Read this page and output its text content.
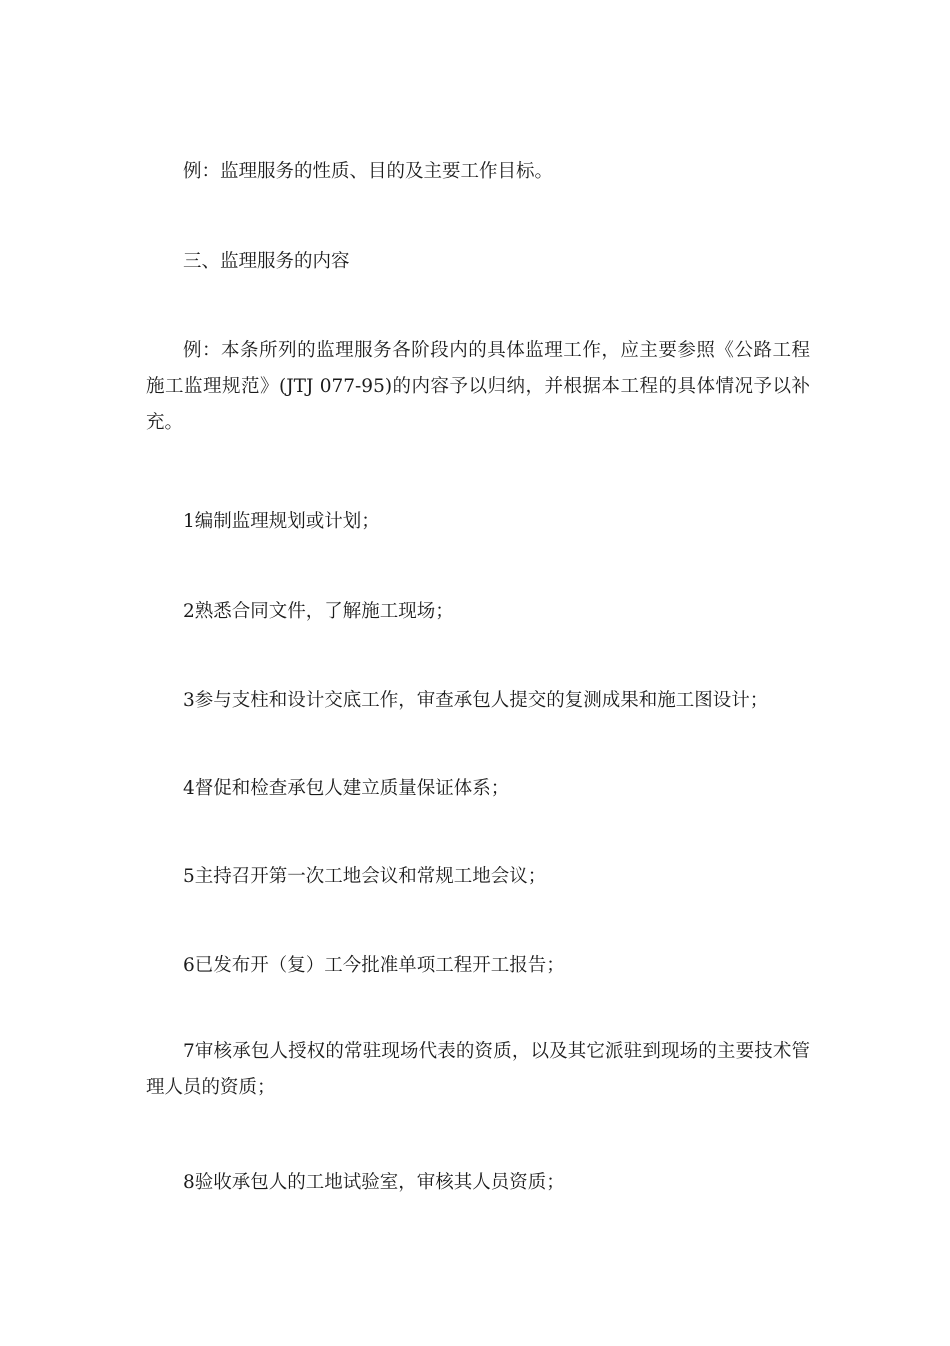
例：监理服务的性质、目的及主要工作目标。

三、监理服务的内容

例：本条所列的监理服务各阶段内的具体监理工作，应主要参照《公路工程施工监理规范》(JTJ 077-95)的内容予以归纳，并根据本工程的具体情况予以补充。

1编制监理规划或计划；

2熟悉合同文件，了解施工现场；

3参与支柱和设计交底工作，审查承包人提交的复测成果和施工图设计；

4督促和检查承包人建立质量保证体系；

5主持召开第一次工地会议和常规工地会议；

6已发布开（复）工今批准单项工程开工报告；

7审核承包人授权的常驻现场代表的资质，以及其它派驻到现场的主要技术管理人员的资质；

8验收承包人的工地试验室，审核其人员资质；
